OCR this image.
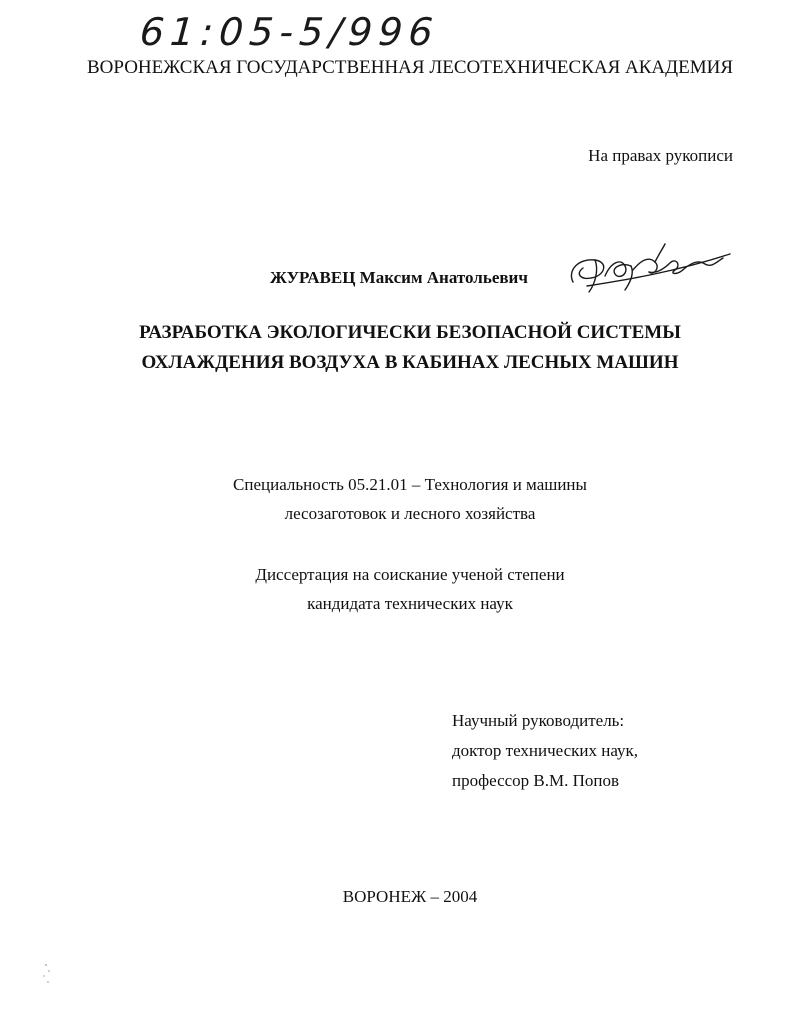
61:05-5/996
ВОРОНЕЖСКАЯ ГОСУДАРСТВЕННАЯ ЛЕСОТЕХНИЧЕСКАЯ АКАДЕМИЯ
На правах рукописи
ЖУРАВЕЦ Максим Анатольевич
РАЗРАБОТКА ЭКОЛОГИЧЕСКИ БЕЗОПАСНОЙ СИСТЕМЫ
ОХЛАЖДЕНИЯ ВОЗДУХА В КАБИНАХ ЛЕСНЫХ МАШИН
Специальность 05.21.01 – Технология и машины
лесозаготовок и лесного хозяйства
Диссертация на соискание ученой степени
кандидата технических наук
Научный руководитель:
доктор технических наук,
профессор В.М. Попов
ВОРОНЕЖ – 2004
